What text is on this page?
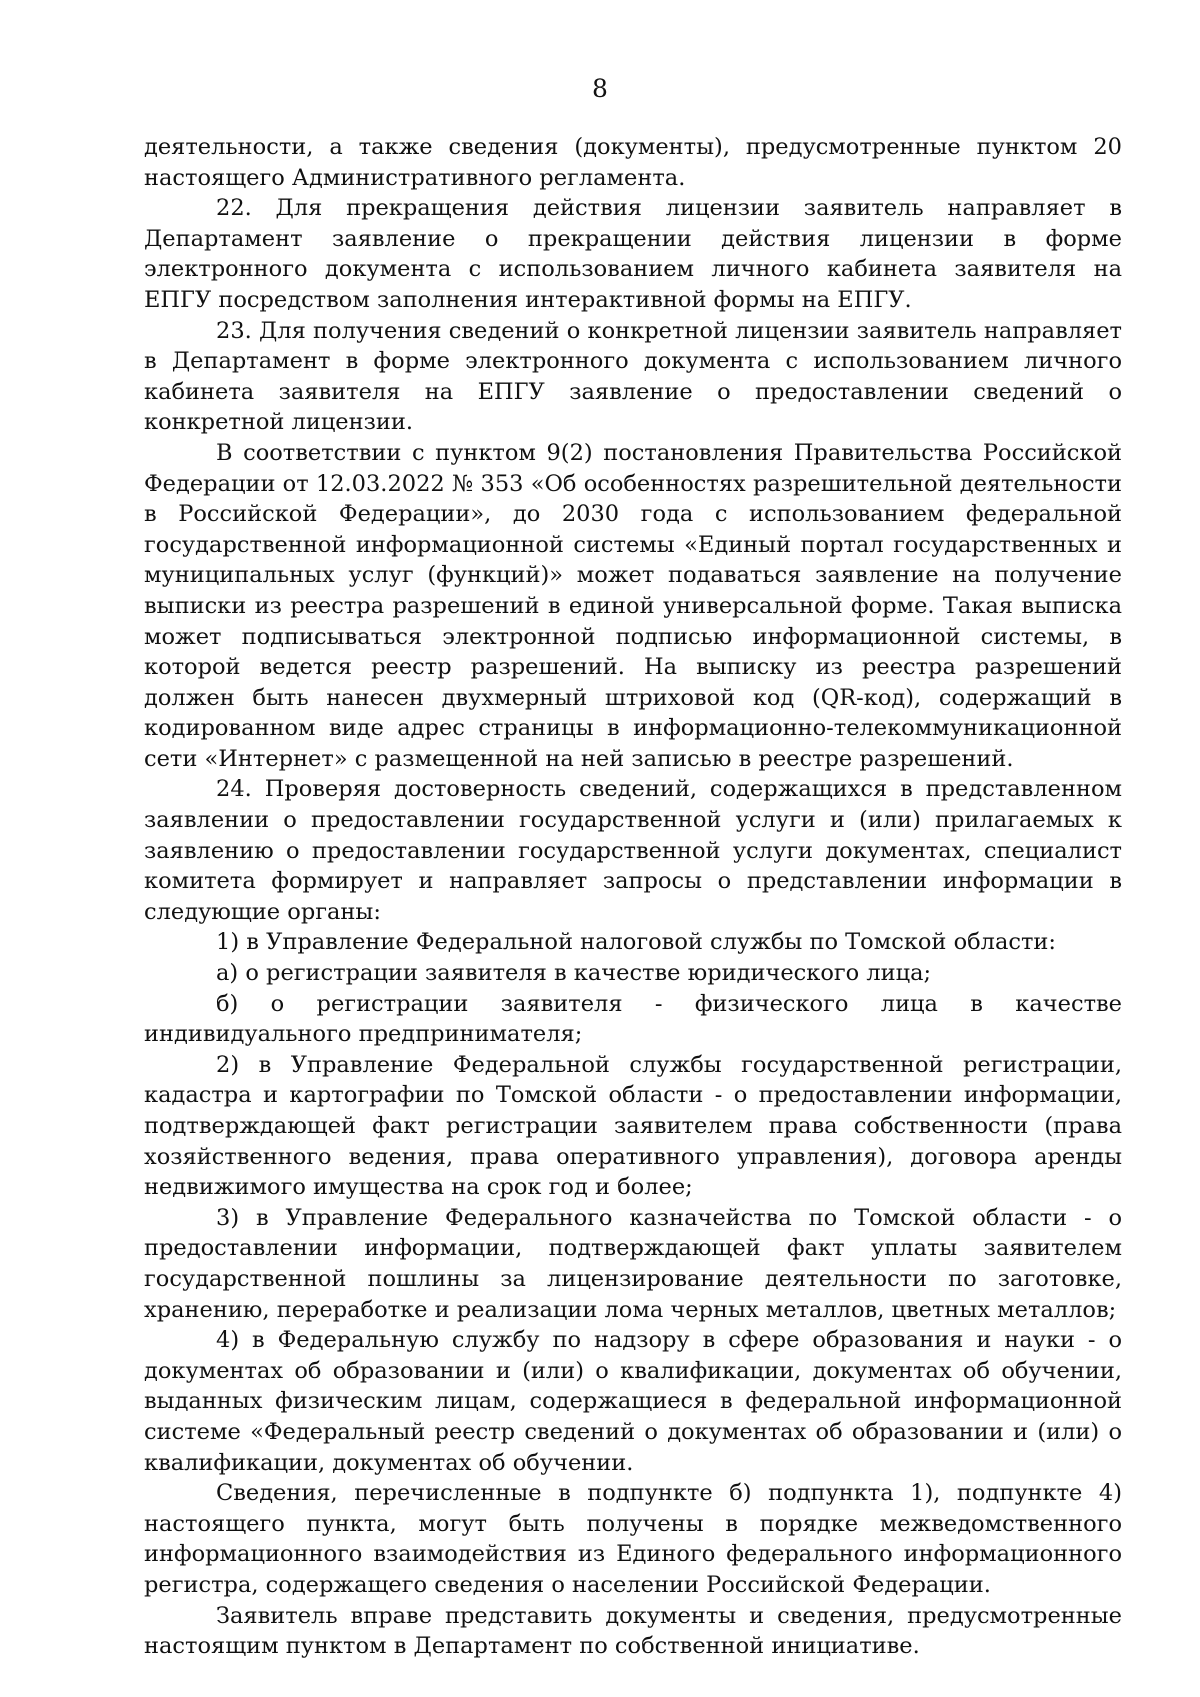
8

деятельности, а также сведения (документы), предусмотренные пунктом 20 настоящего Административного регламента.

22. Для прекращения действия лицензии заявитель направляет в Департамент заявление о прекращении действия лицензии в форме электронного документа с использованием личного кабинета заявителя на ЕПГУ посредством заполнения интерактивной формы на ЕПГУ.

23. Для получения сведений о конкретной лицензии заявитель направляет в Департамент в форме электронного документа с использованием личного кабинета заявителя на ЕПГУ заявление о предоставлении сведений о конкретной лицензии.

В соответствии с пунктом 9(2) постановления Правительства Российской Федерации от 12.03.2022 № 353 «Об особенностях разрешительной деятельности в Российской Федерации», до 2030 года с использованием федеральной государственной информационной системы «Единый портал государственных и муниципальных услуг (функций)» может подаваться заявление на получение выписки из реестра разрешений в единой универсальной форме. Такая выписка может подписываться электронной подписью информационной системы, в которой ведется реестр разрешений. На выписку из реестра разрешений должен быть нанесен двухмерный штриховой код (QR-код), содержащий в кодированном виде адрес страницы в информационно-телекоммуникационной сети «Интернет» с размещенной на ней записью в реестре разрешений.

24. Проверяя достоверность сведений, содержащихся в представленном заявлении о предоставлении государственной услуги и (или) прилагаемых к заявлению о предоставлении государственной услуги документах, специалист комитета формирует и направляет запросы о представлении информации в следующие органы:

1) в Управление Федеральной налоговой службы по Томской области:

а) о регистрации заявителя в качестве юридического лица;

б) о регистрации заявителя - физического лица в качестве индивидуального предпринимателя;

2) в Управление Федеральной службы государственной регистрации, кадастра и картографии по Томской области - о предоставлении информации, подтверждающей факт регистрации заявителем права собственности (права хозяйственного ведения, права оперативного управления), договора аренды недвижимого имущества на срок год и более;

3) в Управление Федерального казначейства по Томской области - о предоставлении информации, подтверждающей факт уплаты заявителем государственной пошлины за лицензирование деятельности по заготовке, хранению, переработке и реализации лома черных металлов, цветных металлов;

4) в Федеральную службу по надзору в сфере образования и науки - о документах об образовании и (или) о квалификации, документах об обучении, выданных физическим лицам, содержащиеся в федеральной информационной системе «Федеральный реестр сведений о документах об образовании и (или) о квалификации, документах об обучении.

Сведения, перечисленные в подпункте б) подпункта 1), подпункте 4) настоящего пункта, могут быть получены в порядке межведомственного информационного взаимодействия из Единого федерального информационного регистра, содержащего сведения о населении Российской Федерации.

Заявитель вправе представить документы и сведения, предусмотренные настоящим пунктом в Департамент по собственной инициативе.
